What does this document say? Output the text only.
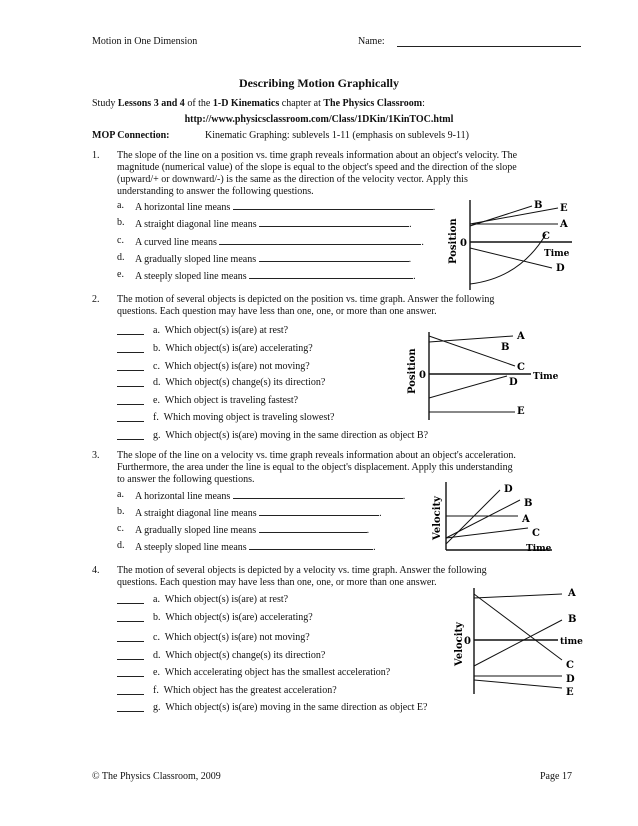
Motion in One Dimension	Name:
Describing Motion Graphically
Study Lessons 3 and 4 of the 1-D Kinematics chapter at The Physics Classroom:
http://www.physicsclassroom.com/Class/1DKin/1KinTOC.html
MOP Connection:	Kinematic Graphing: sublevels 1-11 (emphasis on sublevels 9-11)
1. The slope of the line on a position vs. time graph reveals information about an object's velocity. The
magnitude (numerical value) of the slope is equal to the object's speed and the direction of the slope
(upward/+ or downward/-) is the same as the direction of the velocity vector. Apply this
understanding to answer the following questions.
a. A horizontal line means	.
b. A straight diagonal line means	.
c. A curved line means	.
d. A gradually sloped line means	.
e. A steeply sloped line means	.
Position 0
Time
B E
A
C
D
2. The motion of several objects is depicted on the position vs. time graph. Answer the following
questions. Each question may have less than one, one, or more than one answer.
a. Which object(s) is(are) at rest?
b. Which object(s) is(are) accelerating?
c. Which object(s) is(are) not moving?
d. Which object(s) change(s) its direction?
e. Which object is traveling fastest?
f. Which moving object is traveling slowest?
g. Which object(s) is(are) moving in the same direction as object B?
Position 0	Time
A
B
C
D
E
3. The slope of the line on a velocity vs. time graph reveals information about an object's acceleration.
Furthermore, the area under the line is equal to the object's displacement. Apply this understanding
to answer the following questions.
a. A horizontal line means	.
b. A straight diagonal line means	.
c. A gradually sloped line means	.
d. A steeply sloped line means	.
Velocity
Time
D
B
A
C
4. The motion of several objects is depicted by a velocity vs. time graph. Answer the following
questions. Each question may have less than one, one, or more than one answer.
a. Which object(s) is(are) at rest?
b. Which object(s) is(are) accelerating?
c. Which object(s) is(are) not moving?
d. Which object(s) change(s) its direction?
e. Which accelerating object has the smallest acceleration?
f. Which object has the greatest acceleration?
g. Which object(s) is(are) moving in the same direction as object E?
Velocity 0	time
A
B
C
D
E
© The Physics Classroom, 2009	Page 17
